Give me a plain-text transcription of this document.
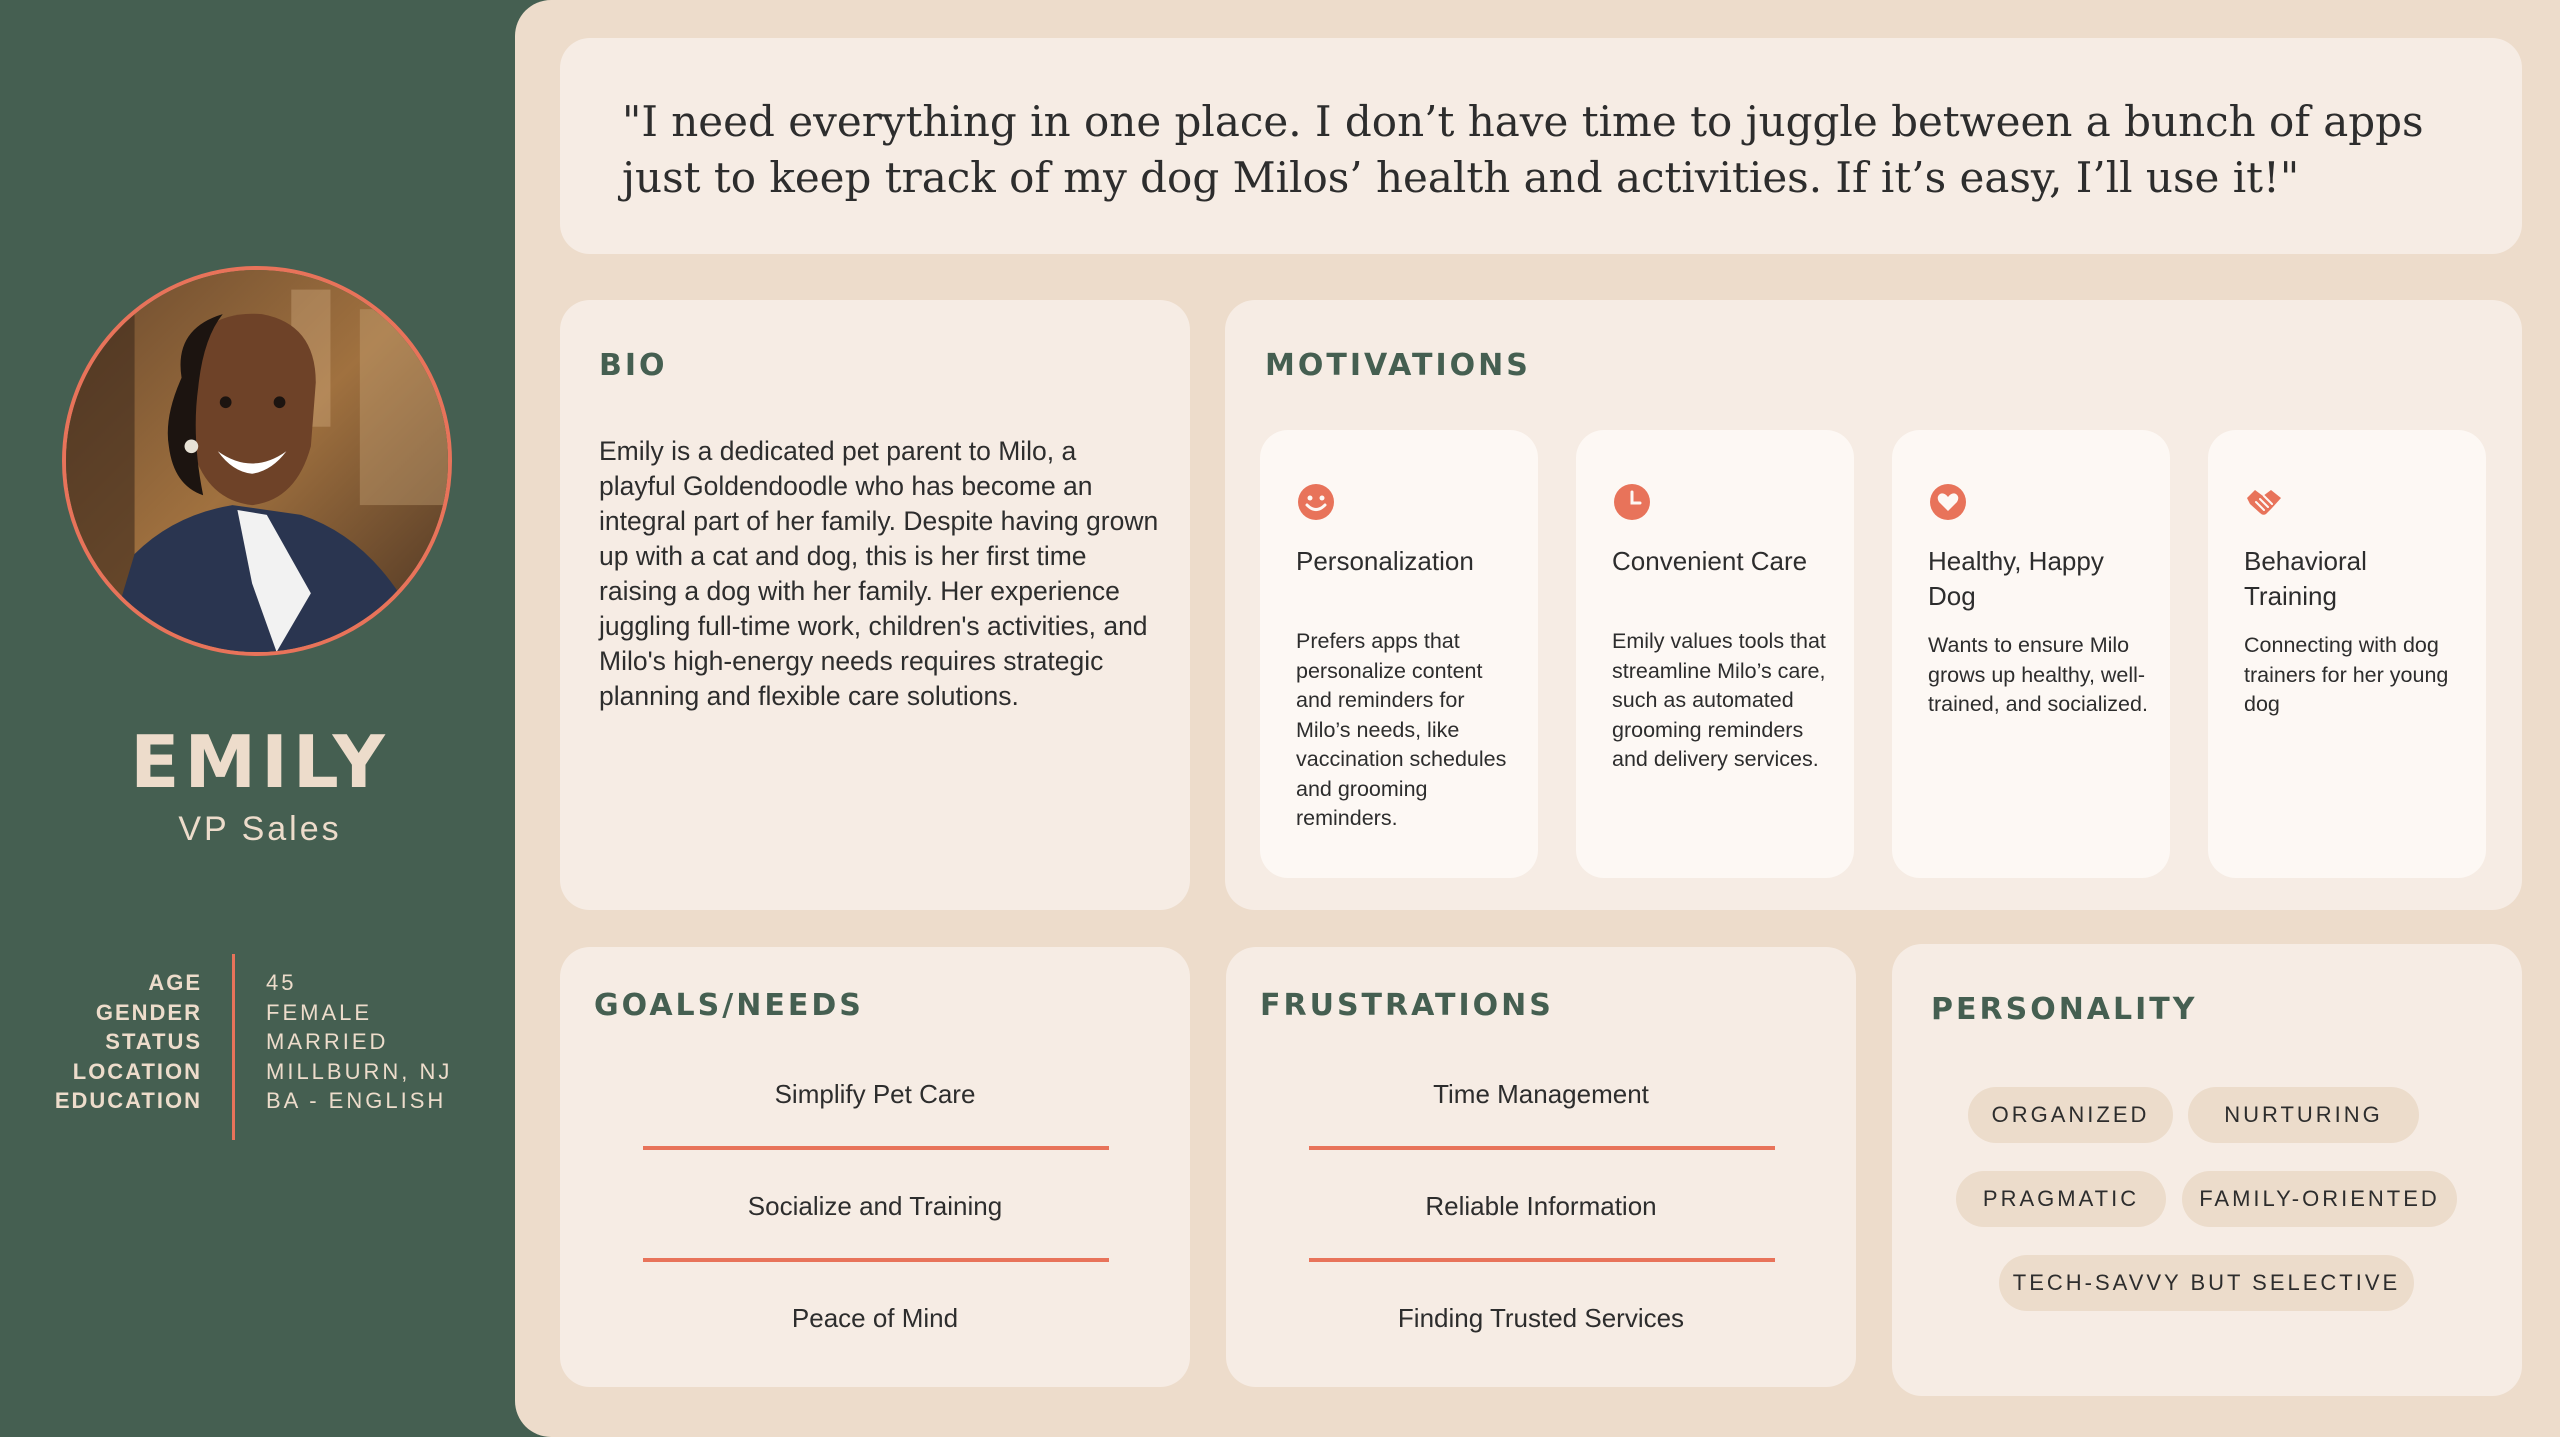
EMILY
VP Sales
AGE
GENDER
STATUS
LOCATION
EDUCATION
45
FEMALE
MARRIED
MILLBURN, NJ
BA - ENGLISH
"I need everything in one place. I don’t have time to juggle between a bunch of apps just to keep track of my dog Milos’ health and activities. If it’s easy, I’ll use it!"
BIO
Emily is a dedicated pet parent to Milo, a playful Goldendoodle who has become an integral part of her family. Despite having grown up with a cat and dog, this is her first time raising a dog with her family. Her experience juggling full-time work, children's activities, and Milo's high-energy needs requires strategic planning and flexible care solutions.
MOTIVATIONS
Personalization
Prefers apps that personalize content and reminders for Milo’s needs, like vaccination schedules and grooming reminders.
Convenient Care
Emily values tools that streamline Milo’s care, such as automated grooming reminders and delivery services.
Healthy, Happy Dog
Wants to ensure Milo grows up healthy, well-trained, and socialized.
Behavioral Training
Connecting with dog trainers for her young dog
GOALS/NEEDS
Simplify Pet Care
Socialize and Training
Peace of Mind
FRUSTRATIONS
Time Management
Reliable Information
Finding Trusted Services
PERSONALITY
ORGANIZED	NURTURING
PRAGMATIC	FAMILY-ORIENTED
TECH-SAVVY BUT SELECTIVE
